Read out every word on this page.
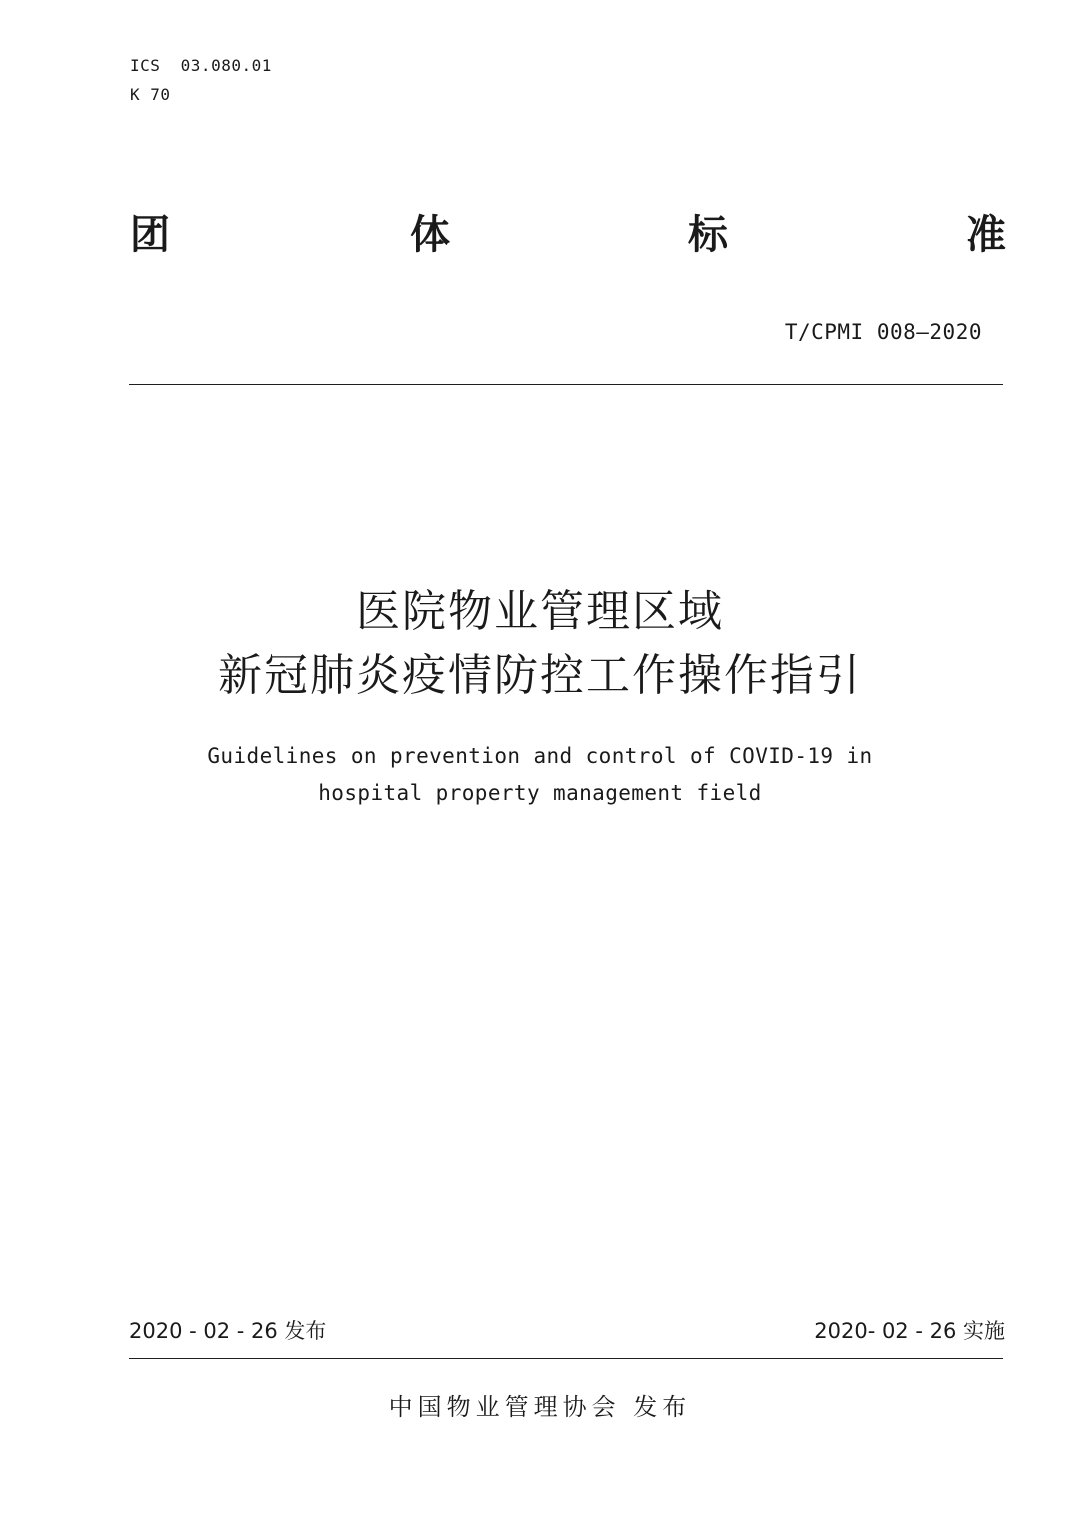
ICS  03.080.01
K 70
团	体	标	准
T/CPMI 008—2020
医院物业管理区域
新冠肺炎疫情防控工作操作指引
Guidelines on prevention and control of COVID-19 in
hospital property management field
2020 - 02 - 26 发布	2020- 02 - 26 实施
中国物业管理协会 发布
